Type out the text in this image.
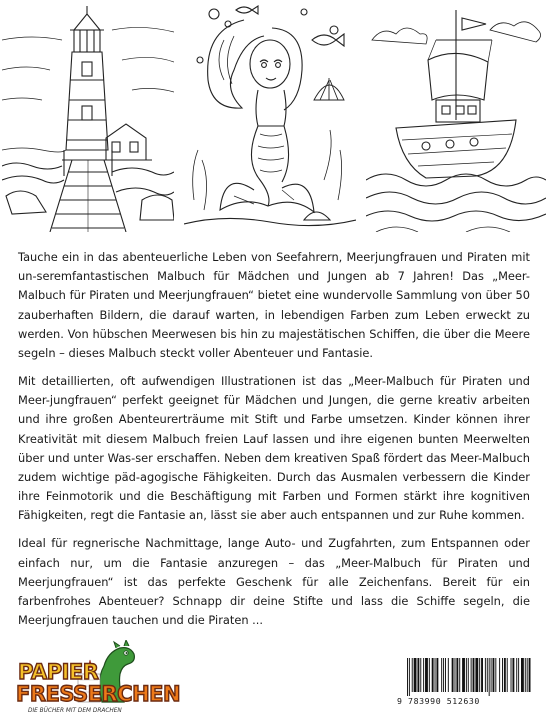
Tauche ein in das abenteuerliche Leben von Seefahrern, Meerjungfrauen und Piraten mit un-seremfantastischen Malbuch für Mädchen und Jungen ab 7 Jahren! Das „Meer-Malbuch für Piraten und Meerjungfrauen“ bietet eine wundervolle Sammlung von über 50 zauberhaften Bildern, die darauf warten, in lebendigen Farben zum Leben erweckt zu werden. Von hübschen Meerwesen bis hin zu majestätischen Schiffen, die über die Meere segeln – dieses Malbuch steckt voller Abenteuer und Fantasie.

Mit detaillierten, oft aufwendigen Illustrationen ist das „Meer-Malbuch für Piraten und Meer-jungfrauen“ perfekt geeignet für Mädchen und Jungen, die gerne kreativ arbeiten und ihre großen Abenteurerträume mit Stift und Farbe umsetzen. Kinder können ihrer Kreativität mit diesem Malbuch freien Lauf lassen und ihre eigenen bunten Meerwelten über und unter Was-ser erschaffen. Neben dem kreativen Spaß fördert das Meer-Malbuch zudem wichtige päd-agogische Fähigkeiten. Durch das Ausmalen verbessern die Kinder ihre Feinmotorik und die Beschäftigung mit Farben und Formen stärkt ihre kognitiven Fähigkeiten, regt die Fantasie an, lässt sie aber auch entspannen und zur Ruhe kommen.

Ideal für regnerische Nachmittage, lange Auto- und Zugfahrten, zum Entspannen oder einfach nur, um die Fantasie anzuregen – das „Meer-Malbuch für Piraten und Meerjungfrauen“ ist das perfekte Geschenk für alle Zeichenfans. Bereit für ein farbenfrohes Abenteuer? Schnapp dir deine Stifte und lass die Schiffe segeln, die Meerjungfrauen tauchen und die Piraten ...

PAPIER
FRESSERCHEN
DIE BÜCHER MIT DEM DRACHEN
9 783990 512630
